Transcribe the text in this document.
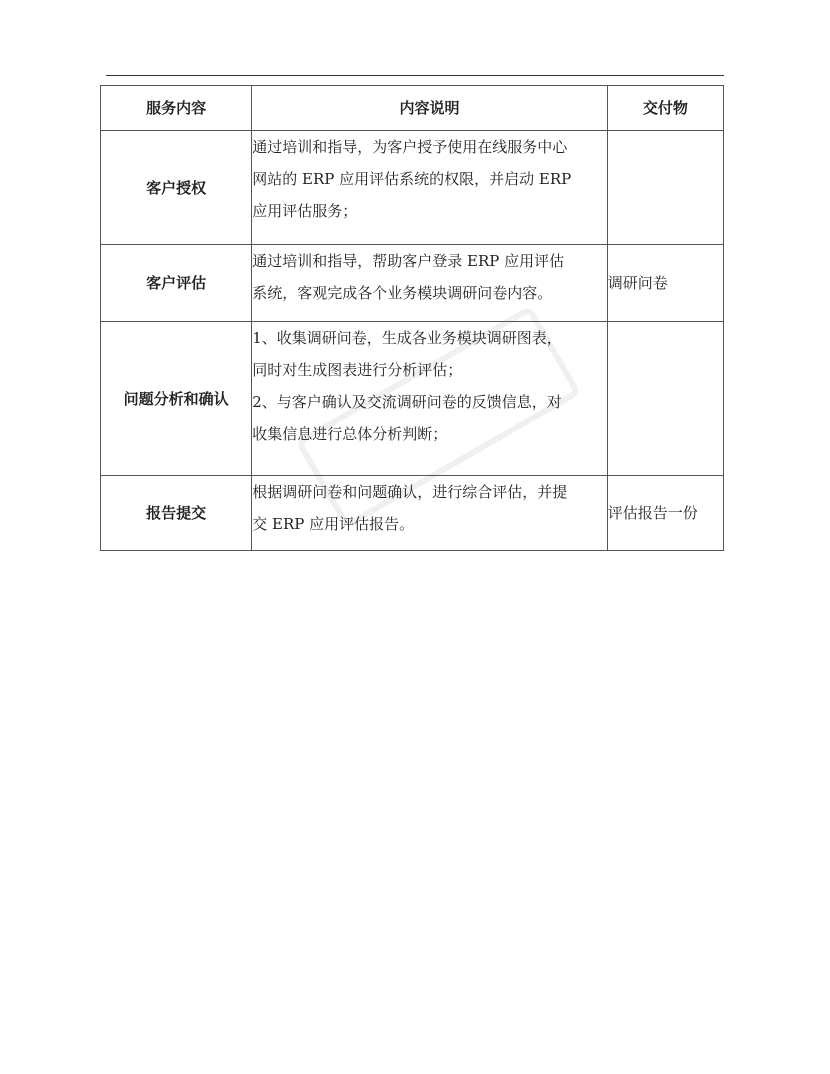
服务内容	内容说明	交付物
客户授权	通过培训和指导，为客户授予使用在线服务中心
网站的 ERP 应用评估系统的权限，并启动 ERP
应用评估服务；	

客户评估	通过培训和指导，帮助客户登录 ERP 应用评估
系统，客观完成各个业务模块调研问卷内容。	调研问卷
问题分析和确认	1、收集调研问卷，生成各业务模块调研图表，
同时对生成图表进行分析评估；
2、与客户确认及交流调研问卷的反馈信息，对
收集信息进行总体分析判断；	

报告提交	根据调研问卷和问题确认，进行综合评估，并提
交 ERP 应用评估报告。	评估报告一份
